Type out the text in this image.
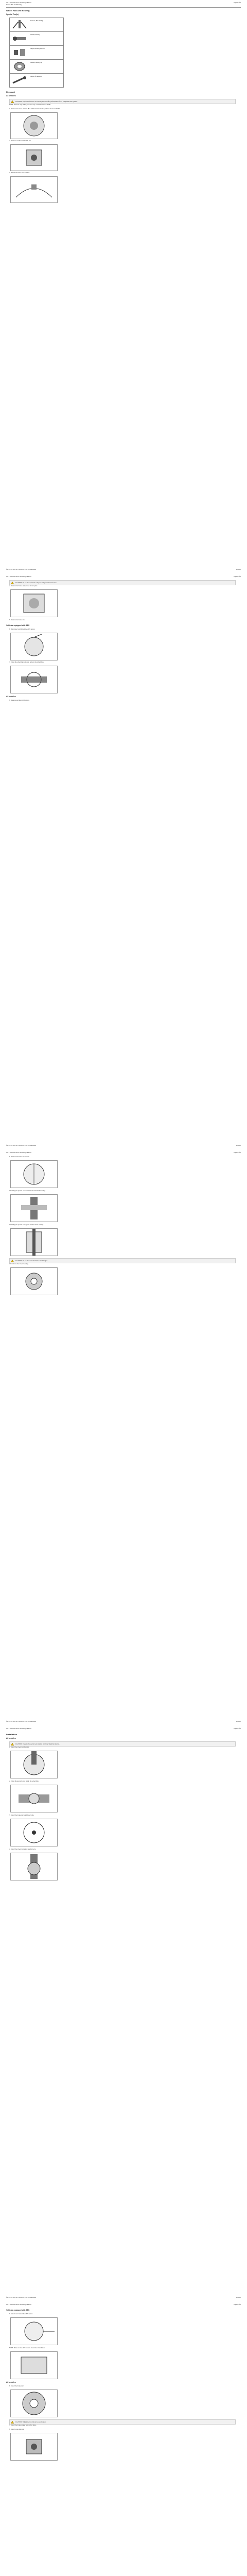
2011 Transit/Tourneo Workshop Manual	Page 1 of 5
Wheel Hub And Bearing
Wheel Hub And Bearing
Special Tool(s)
Remover, Hub Bearing
Installer, Bearing
Adapter, Bearing Remover
Installer, Bearing Cup
Adapter for Remover
Removal
All vehicles
CAUTION: Suspension fasteners are critical parts that affect performance of vital components and systems.
NOTE: Removal steps in this procedure may contain installation details.
1. Remove the wheel and tire. For additional information, refer to Section 204-04.
2. Remove and discard the hub nut.
3. Detach the brake hose bracket.
file:///C:/TCPDC/2011/TRANSIT/VH/...procedure.html	9/5/2023
2011 Transit/Tourneo Workshop Manual	Page 2 of 5
CAUTION: Do not allow the brake caliper to hang from the brake hose.
4. Remove the brake caliper and anchor plate.
5. Remove the brake disc.
Vehicles equipped with ABS
6. Disconnect and detach the ABS sensor.
7. Using the wheel hub remover, remove the wheel hub.
All vehicles
8. Remove and discard the bolts.
file:///C:/TCPDC/2011/TRANSIT/VH/...procedure.html	9/5/2023
2011 Transit/Tourneo Workshop Manual	Page 3 of 5
9. Remove the brake disc shield.
10. Using the special tools, remove the wheel hub bearing.
11. Using the special tools, press out the wheel bearing.
CAUTION: Do not allow the wheel hub to be damaged.
12. Remove the wheel bearing.
file:///C:/TCPDC/2011/TRANSIT/VH/...procedure.html	9/5/2023
2011 Transit/Tourneo Workshop Manual	Page 4 of 5
Installation
All vehicles
CAUTION: Use only the special tools listed to install the wheel hub bearing.
1. Install the wheel hub bearing.
2. Using the special tools, install the wheel hub.
3. Install the brake disc shield and bolts.
4. Install the wheel hub using special tools.
file:///C:/TCPDC/2011/TRANSIT/VH/...procedure.html	9/5/2023
2011 Transit/Tourneo Workshop Manual	Page 5 of 5
Vehicles equipped with ABS
5. Attach and connect the ABS sensor.
NOTE: Make sure the ABS sensor is clean before installation.
All vehicles
6. Install the brake disc.
CAUTION: Tighten the new hub nut to specification.
7. Install the brake caliper and anchor plate.
8. Install a new hub nut.
